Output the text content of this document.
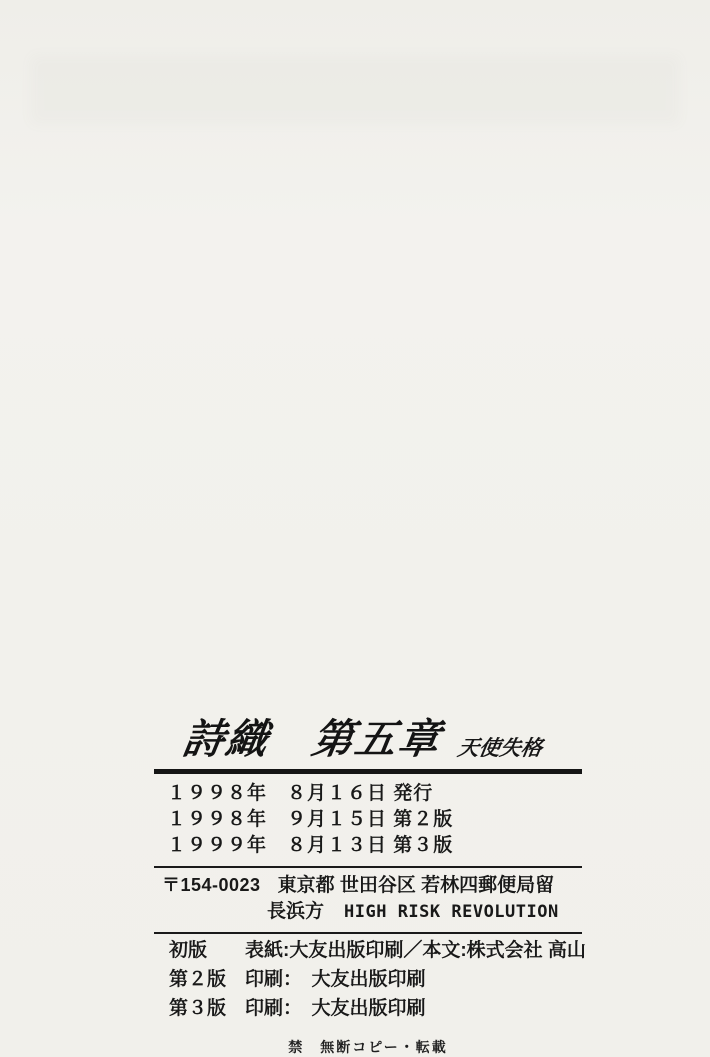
詩織　第五章 天使失格
１９９８年　８月１６日 発行
１９９８年　９月１５日 第２版
１９９９年　８月１３日 第３版
〒154-0023 東京都 世田谷区 若林四郵便局留
長浜方 HIGH RISK REVOLUTION
初版	表紙:大友出版印刷／本文:株式会社 高山
第２版 印刷：　大友出版印刷
第３版 印刷：　大友出版印刷
禁　無断コピー・転載
